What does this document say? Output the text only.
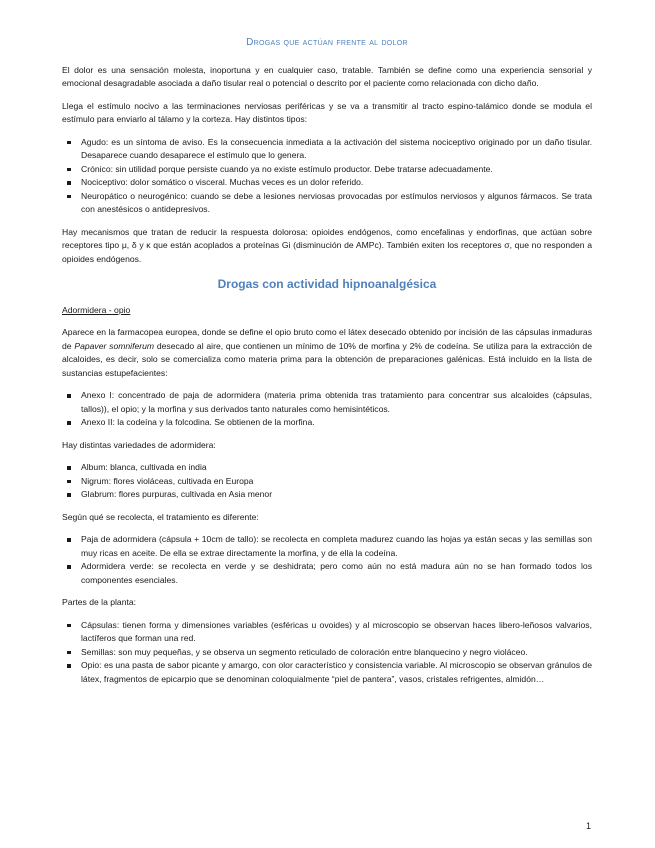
Drogas que actúan frente al dolor

El dolor es una sensación molesta, inoportuna y en cualquier caso, tratable. También se define como una experiencia sensorial y emocional desagradable asociada a daño tisular real o potencial o descrito por el paciente como relacionada con dicho daño.

Llega el estímulo nocivo a las terminaciones nerviosas periféricas y se va a transmitir al tracto espino-talámico donde se modula el estímulo para enviarlo al tálamo y la corteza. Hay distintos tipos:

Agudo: es un síntoma de aviso. Es la consecuencia inmediata a la activación del sistema nociceptivo originado por un daño tisular. Desaparece cuando desaparece el estímulo que lo genera.
Crónico: sin utilidad porque persiste cuando ya no existe estímulo productor. Debe tratarse adecuadamente.
Nociceptivo: dolor somático o visceral. Muchas veces es un dolor referido.
Neuropático o neurogénico: cuando se debe a lesiones nerviosas provocadas por estímulos nerviosos y algunos fármacos. Se trata con anestésicos o antidepresivos.

Hay mecanismos que tratan de reducir la respuesta dolorosa: opioides endógenos, como encefalinas y endorfinas, que actúan sobre receptores tipo μ, δ y κ que están acoplados a proteínas Gi (disminución de AMPc). También exiten los receptores σ, que no responden a opioides endógenos.

Drogas con actividad hipnoanalgésica
Adormidera - opio

Aparece en la farmacopea europea, donde se define el opio bruto como el látex desecado obtenido por incisión de las cápsulas inmaduras de Papaver somniferum desecado al aire, que contienen un mínimo de 10% de morfina y 2% de codeína. Se utiliza para la extracción de alcaloides, es decir, solo se comercializa como materia prima para la obtención de preparaciones galénicas. Está incluido en la lista de sustancias estupefacientes:

Anexo I: concentrado de paja de adormidera (materia prima obtenida tras tratamiento para concentrar sus alcaloides (cápsulas, tallos)), el opio; y la morfina y sus derivados tanto naturales como hemisintéticos.
Anexo II: la codeína y la folcodina. Se obtienen de la morfina.

Hay distintas variedades de adormidera:

Album: blanca, cultivada en india
Nigrum: flores violáceas, cultivada en Europa
Glabrum: flores purpuras, cultivada en Asia menor

Según qué se recolecta, el tratamiento es diferente:

Paja de adormidera (cápsula + 10cm de tallo): se recolecta en completa madurez cuando las hojas ya están secas y las semillas son muy ricas en aceite. De ella se extrae directamente la morfina, y de ella la codeína.
Adormidera verde: se recolecta en verde y se deshidrata; pero como aún no está madura aún no se han formado todos los componentes esenciales.

Partes de la planta:

Cápsulas: tienen forma y dimensiones variables (esféricas u ovoides) y al microscopio se observan haces libero-leñosos valvarios, lactíferos que forman una red.
Semillas: son muy pequeñas, y se observa un segmento reticulado de coloración entre blanquecino y negro violáceo.
Opio: es una pasta de sabor picante y amargo, con olor característico y consistencia variable. Al microscopio se observan gránulos de látex, fragmentos de epicarpio que se denominan coloquialmente “piel de pantera”, vasos, cristales refrigentes, almidón…
1
